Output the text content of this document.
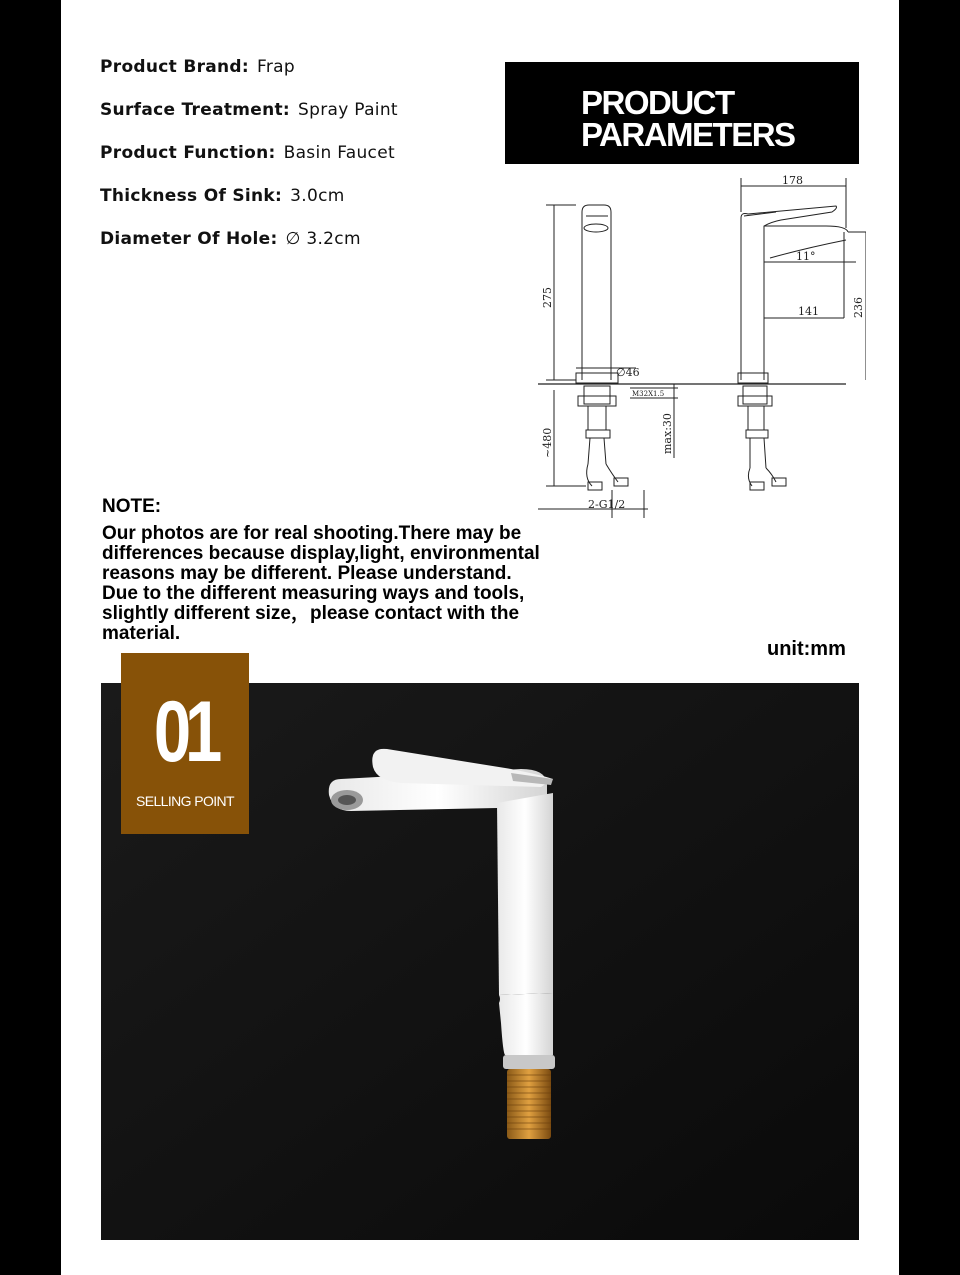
Product Brand: Frap
Surface Treatment: Spray Paint
Product Function: Basin Faucet
Thickness Of Sink: 3.0cm
Diameter Of Hole: ∅ 3.2cm
PRODUCT
PARAMETERS
178
11°
141	236
275
∅46
M32X1.5
max:30
~480
2-G1/2
NOTE:
Our photos are for real shooting.There may be
differences because display,light, environmental
reasons may be different. Please understand.
Due to the different measuring ways and tools,
slightly different size，please contact with the
material.
unit:mm
01
SELLING POINT
